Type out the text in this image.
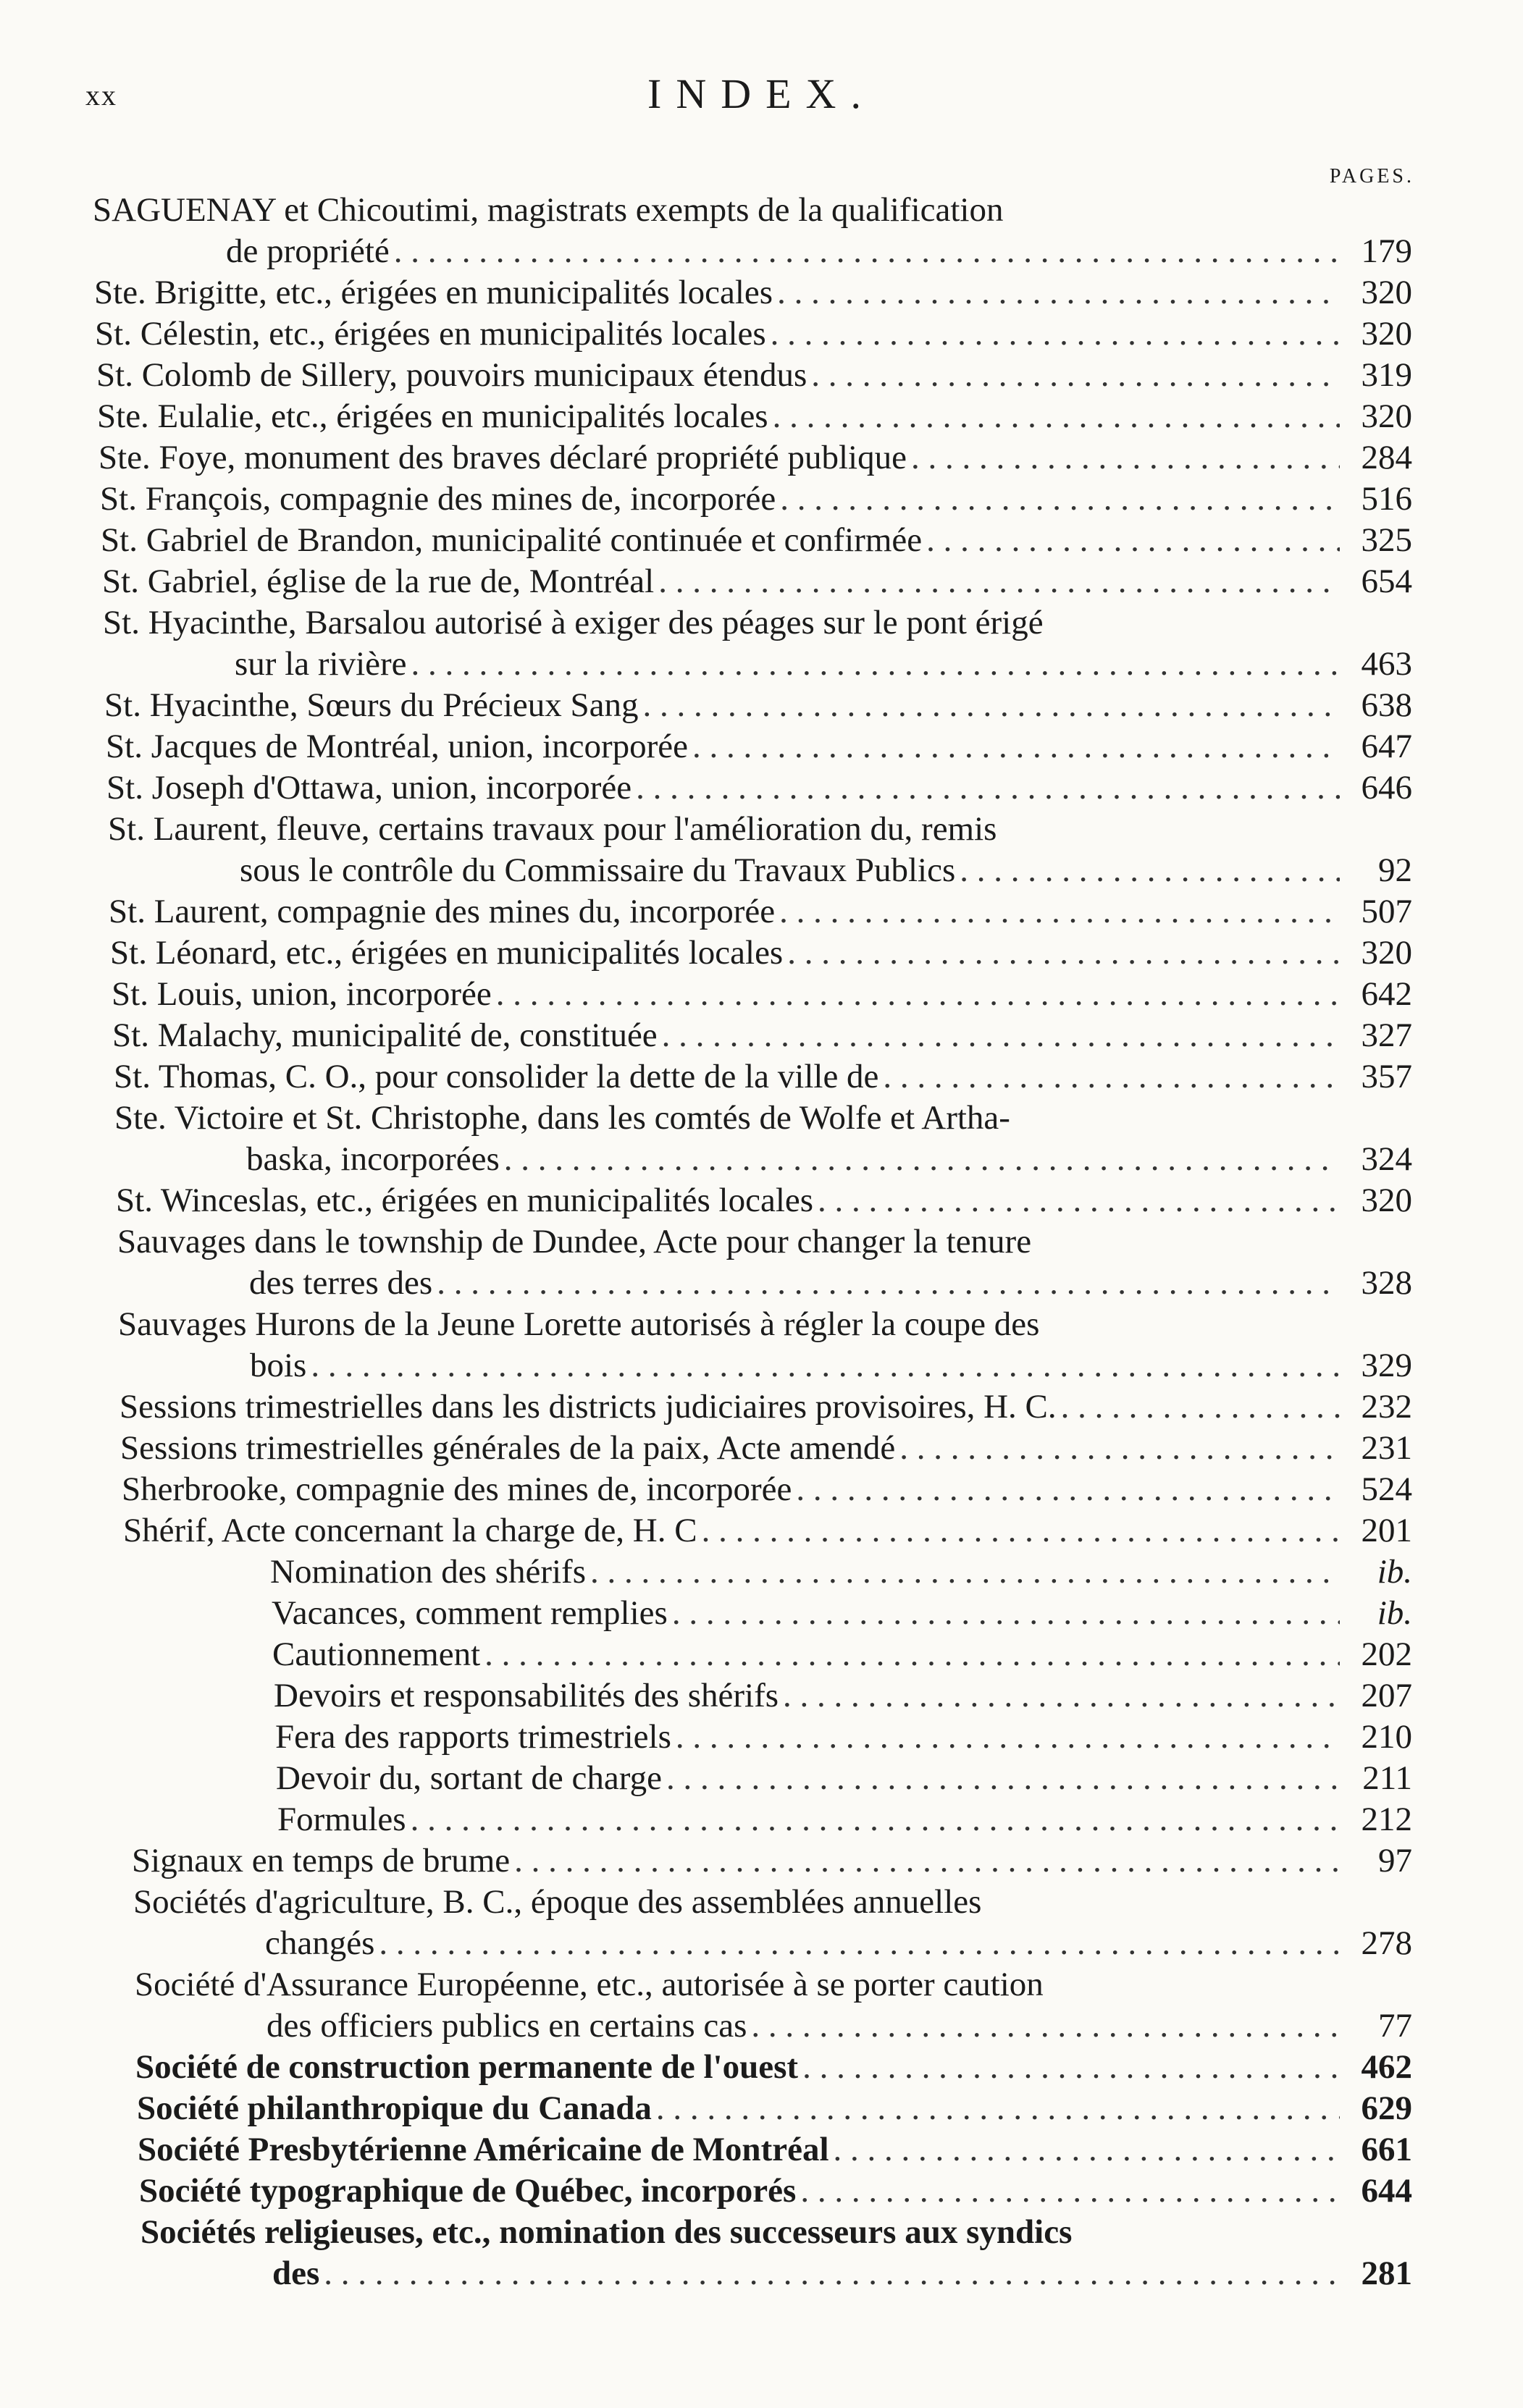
xx	INDEX.
PAGES.
SAGUENAY et Chicoutimi, magistrats exempts de la qualification
de propriété . . .	179
Ste. Brigitte, etc., érigées en municipalités locales . . .	320
St. Célestin, etc., érigées en municipalités locales . . .	320
St. Colomb de Sillery, pouvoirs municipaux étendus . . .	319
Ste. Eulalie, etc., érigées en municipalités locales . . .	320
Ste. Foye, monument des braves déclaré propriété publique . . .	284
St. François, compagnie des mines de, incorporée . . .	516
St. Gabriel de Brandon, municipalité continuée et confirmée . . .	325
St. Gabriel, église de la rue de, Montréal . . .	654
St. Hyacinthe, Barsalou autorisé à exiger des péages sur le pont érigé
sur la rivière . . .	463
St. Hyacinthe, Sœurs du Précieux Sang . . .	638
St. Jacques de Montréal, union, incorporée . . .	647
St. Joseph d'Ottawa, union, incorporée . . .	646
St. Laurent, fleuve, certains travaux pour l'amélioration du, remis
sous le contrôle du Commissaire du Travaux Publics . . .	92
St. Laurent, compagnie des mines du, incorporée . . .	507
St. Léonard, etc., érigées en municipalités locales . . .	320
St. Louis, union, incorporée . . .	642
St. Malachy, municipalité de, constituée . . .	327
St. Thomas, C. O., pour consolider la dette de la ville de . . .	357
Ste. Victoire et St. Christophe, dans les comtés de Wolfe et Artha-
baska, incorporées . . .	324
St. Winceslas, etc., érigées en municipalités locales . . .	320
Sauvages dans le township de Dundee, Acte pour changer la tenure
des terres des . . .	328
Sauvages Hurons de la Jeune Lorette autorisés à régler la coupe des
bois . . .	329
Sessions trimestrielles dans les districts judiciaires provisoires, H. C. . . .	232
Sessions trimestrielles générales de la paix, Acte amendé . . .	231
Sherbrooke, compagnie des mines de, incorporée . . .	524
Shérif, Acte concernant la charge de, H. C . . .	201
Nomination des shérifs . . .	ib.
Vacances, comment remplies . . .	ib.
Cautionnement . . .	202
Devoirs et responsabilités des shérifs . . .	207
Fera des rapports trimestriels . . .	210
Devoir du, sortant de charge . . .	211
Formules . . .	212
Signaux en temps de brume . . .	97
Sociétés d'agriculture, B. C., époque des assemblées annuelles
changés . . .	278
Société d'Assurance Européenne, etc., autorisée à se porter caution
des officiers publics en certains cas . . .	77
Société de construction permanente de l'ouest . . .	462
Société philanthropique du Canada . . .	629
Société Presbytérienne Américaine de Montréal . . .	661
Société typographique de Québec, incorporés . . .	644
Sociétés religieuses, etc., nomination des successeurs aux syndics
des . . .	281
